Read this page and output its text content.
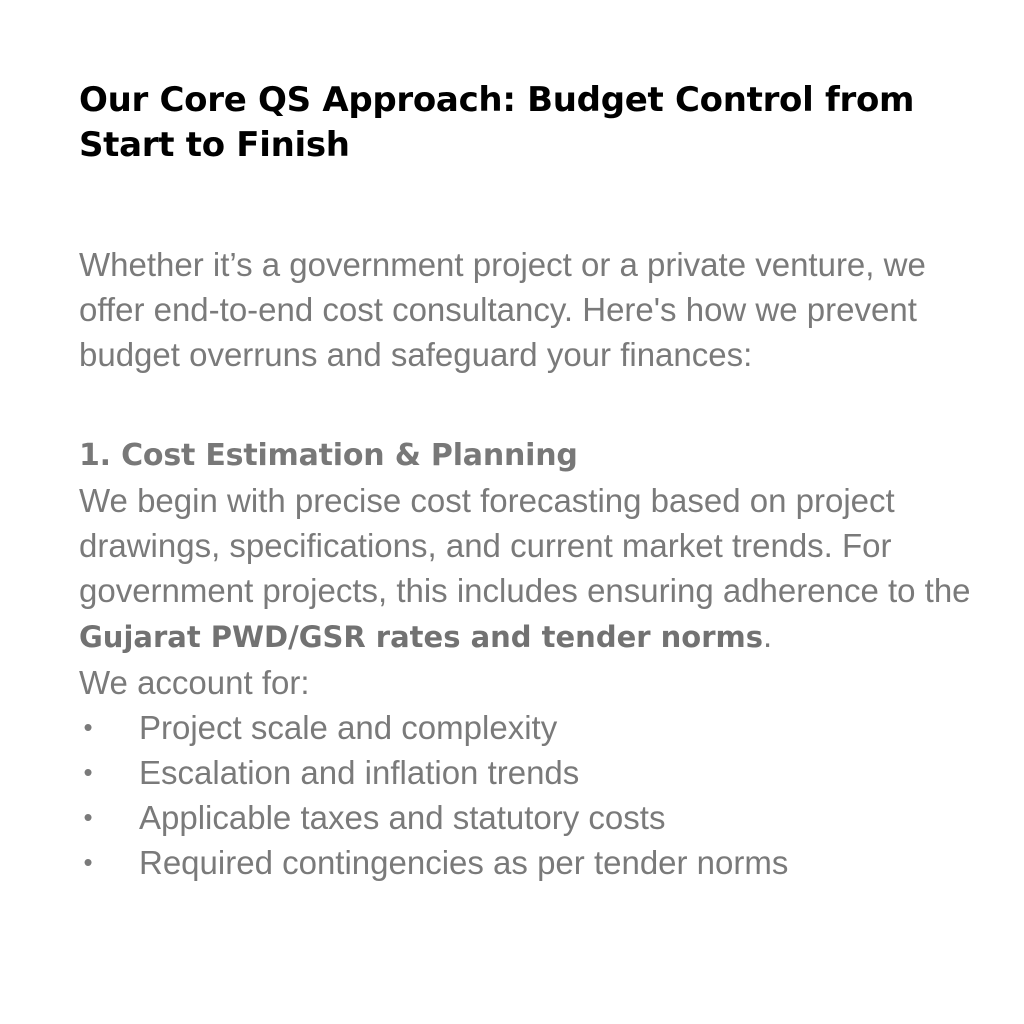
Our Core QS Approach: Budget Control from Start to Finish

Whether it’s a government project or a private venture, we offer end-to-end cost consultancy. Here's how we prevent budget overruns and safeguard your finances:

1. Cost Estimation & Planning

We begin with precise cost forecasting based on project drawings, specifications, and current market trends. For government projects, this includes ensuring adherence to the Gujarat PWD/GSR rates and tender norms.

We account for:

• Project scale and complexity
• Escalation and inflation trends
• Applicable taxes and statutory costs
• Required contingencies as per tender norms
